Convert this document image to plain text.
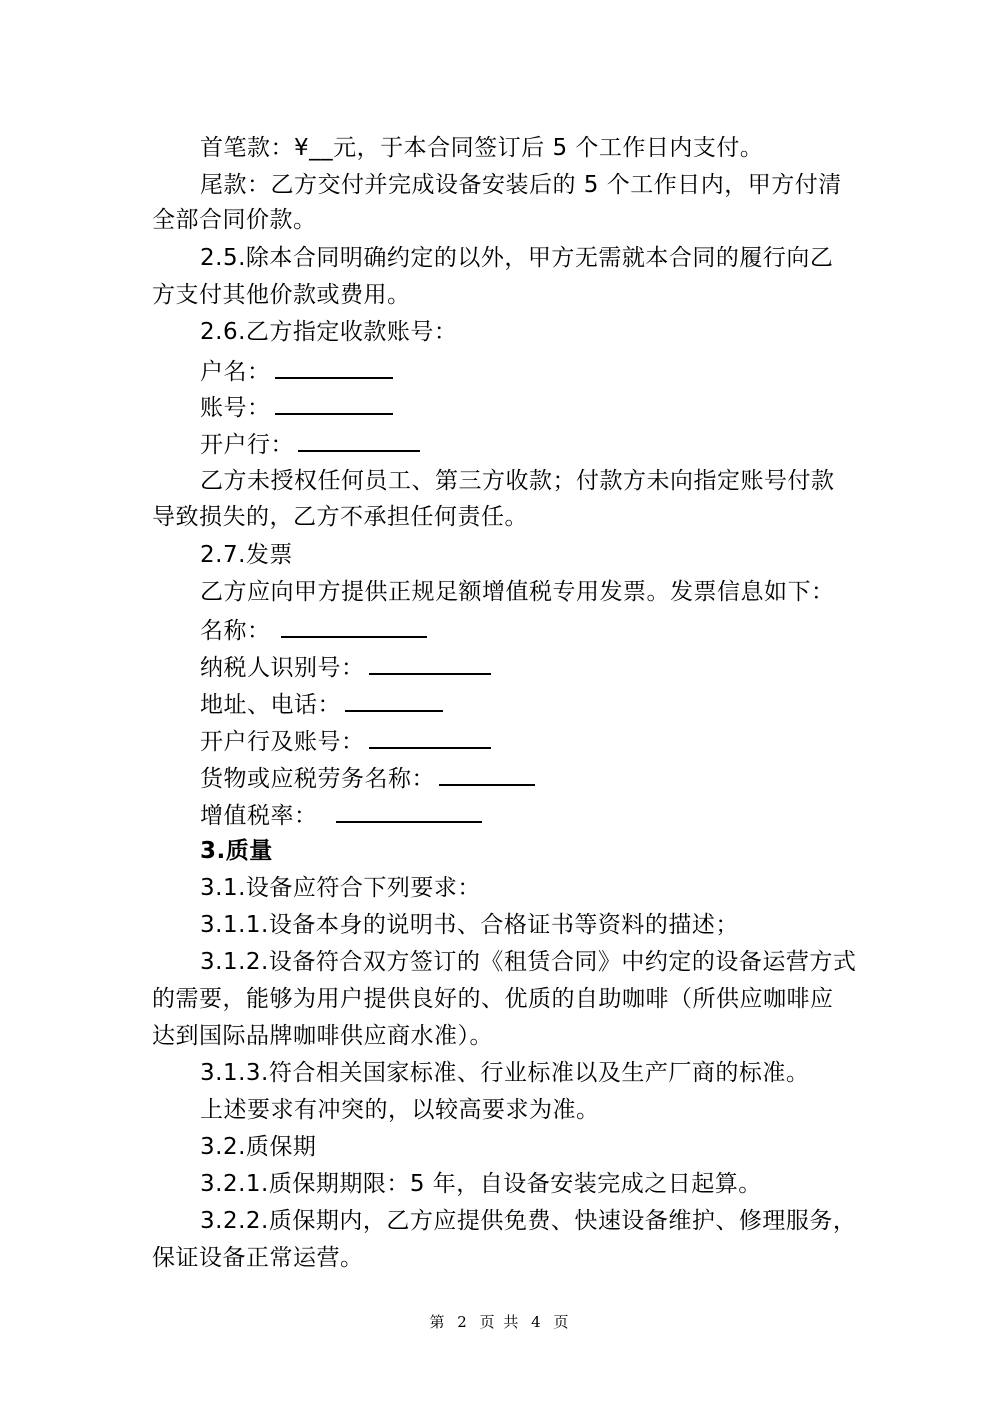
首笔款：¥__元，于本合同签订后 5 个工作日内支付。
尾款：乙方交付并完成设备安装后的 5 个工作日内，甲方付清
全部合同价款。
2.5.除本合同明确约定的以外，甲方无需就本合同的履行向乙
方支付其他价款或费用。
2.6.乙方指定收款账号：
户名：
账号：
开户行：
乙方未授权任何员工、第三方收款；付款方未向指定账号付款
导致损失的，乙方不承担任何责任。
2.7.发票
乙方应向甲方提供正规足额增值税专用发票。发票信息如下：
名称：
纳税人识别号：
地址、电话：
开户行及账号：
货物或应税劳务名称：
增值税率：
3.质量
3.1.设备应符合下列要求：
3.1.1.设备本身的说明书、合格证书等资料的描述；
3.1.2.设备符合双方签订的《租赁合同》中约定的设备运营方式
的需要，能够为用户提供良好的、优质的自助咖啡（所供应咖啡应
达到国际品牌咖啡供应商水准）。
3.1.3.符合相关国家标准、行业标准以及生产厂商的标准。
上述要求有冲突的，以较高要求为准。
3.2.质保期
3.2.1.质保期期限：5 年，自设备安装完成之日起算。
3.2.2.质保期内，乙方应提供免费、快速设备维护、修理服务，
保证设备正常运营。
第 2 页 共 4 页
